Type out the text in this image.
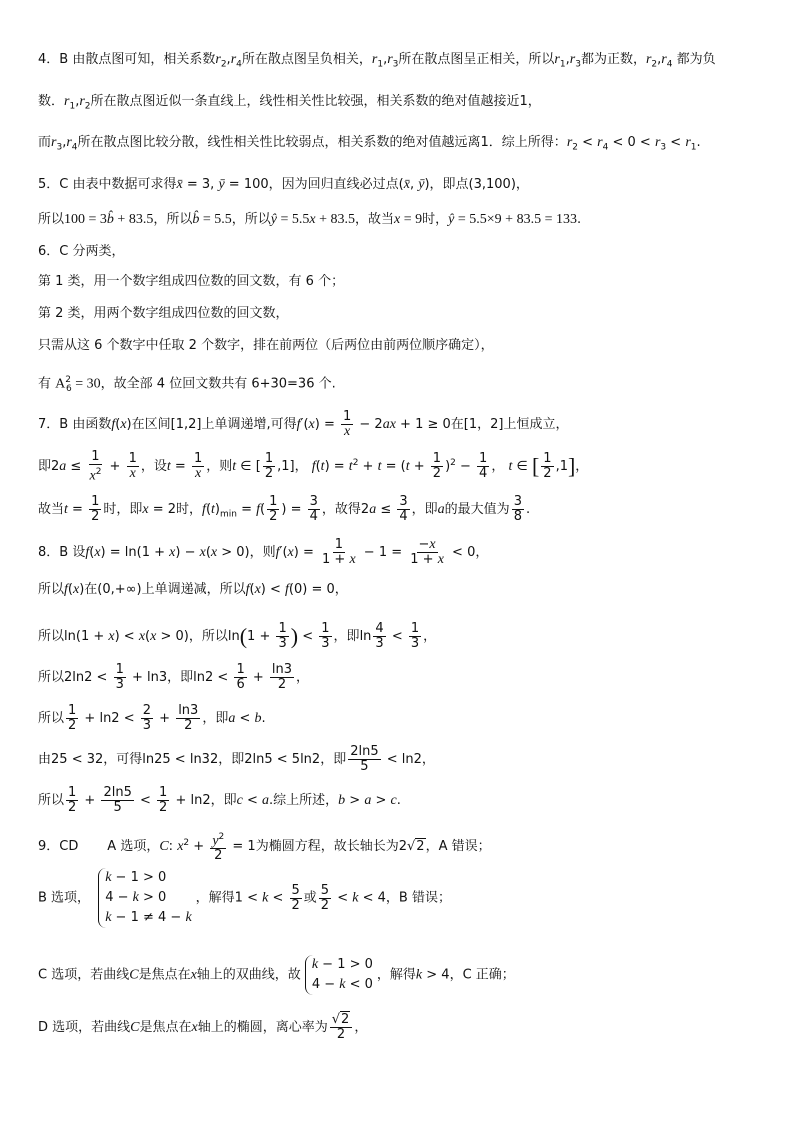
4．B 由散点图可知，相关系数$r_2,r_4$所在散点图呈负相关，$r_1,r_3$所在散点图呈正相关，所以$r_1,r_3$都为正数，$r_2,r_4$ 都为负
数．$r_1,r_2$所在散点图近似一条直线上，线性相关性比较强，相关系数的绝对值越接近1，
而$r_3,r_4$所在散点图比较分散，线性相关性比较弱点，相关系数的绝对值越远离1．综上所得：$r_2 < r_4 < 0 < r_3 < r_1$.
5．C 由表中数据可求得x̄ = 3, ȳ = 100，因为回归直线必过点(x̄, ȳ)，即点(3,100)，
所以100 = 3b̂ + 83.5，所以b̂ = 5.5，所以ŷ = 5.5x + 83.5，故当x = 9时，ŷ = 5.5×9 + 83.5 = 133.
6．C 分两类，
第 1 类，用一个数字组成四位数的回文数，有 6 个；
第 2 类，用两个数字组成四位数的回文数，
只需从这 6 个数字中任取 2 个数字，排在前两位（后两位由前两位顺序确定），
有 $A^2_6 = 30$，故全部 4 位回文数共有 6+30=36 个.
7．B 由函数f(x)在区间[1,2]上单调递增,可得$f'(x) = \frac{1}{x} - 2ax + 1 \ge 0$在[1，2]上恒成立，
即$2a \le \frac{1}{x^2} + \frac{1}{x}$ ，设$t = \frac{1}{x}$ ，则t ∈ [ $\frac{1}{2} ,1$]， $f(t) = t^2 + t = (t + \frac{1}{2} )^2 - \frac{1}{4}$ ， t ∈ [ $\frac{1}{2} ,1$]，
故当$t = \frac{1}{2}$ 时，即x = 2时，$f(t)_{min} = f( \frac{1}{2}$ ) = $\frac{3}{4}$ ，故得$2a \le \frac{3}{4}$ ，即a的最大值为 $\frac{3}{8}$ .
8．B 设f(x) = ln(1 + x) − x(x > 0)，则$f'(x) = \frac{1}{1 + x} - 1 = \frac{-x}{1 + x} < 0$，
所以f(x)在(0,+∞)上单调递减，所以f(x) < f(0) = 0，
所以ln(1 + x) < x(x > 0)，所以$\ln(1 + \frac{1}{3}$ ) < $\frac{1}{3}$ ，即$\ln \frac{4}{3} < \frac{1}{3}$ ，
所以$2\ln 2 < \frac{1}{3} + \ln 3$，即$\ln 2 < \frac{1}{6} + \frac{\ln 3}{2}$ ，
所以 $\frac{1}{2} + \ln 2 < \frac{2}{3} + \frac{\ln 3}{2}$ ，即a < b.
由25 < 32，可得ln25 < ln32，即2ln5 < 5ln2，即 $\frac{2\ln 5}{5} < \ln 2$，
所以 $\frac{1}{2} + \frac{2\ln 5}{5} < \frac{1}{2} + \ln 2$，即c < a.综上所述，b > a > c.
9．CD A 选项，C: $x^2 + \frac{y^2}{2} = 1$为椭圆方程，故长轴长为2√2，A 错误；
B 选项， k − 1 > 0
4 − k > 0
k − 1 ≠ 4 − k，解得$1 < k < \frac{5}{2}$ 或 $\frac{5}{2} < k < 4$，B 错误；
C 选项，若曲线C是焦点在x轴上的双曲线，故k − 1 > 0
4 − k < 0，解得k > 4，C 正确；
D 选项，若曲线C是焦点在x轴上的椭圆，离心率为 $\frac{√2}{2}$ ，
